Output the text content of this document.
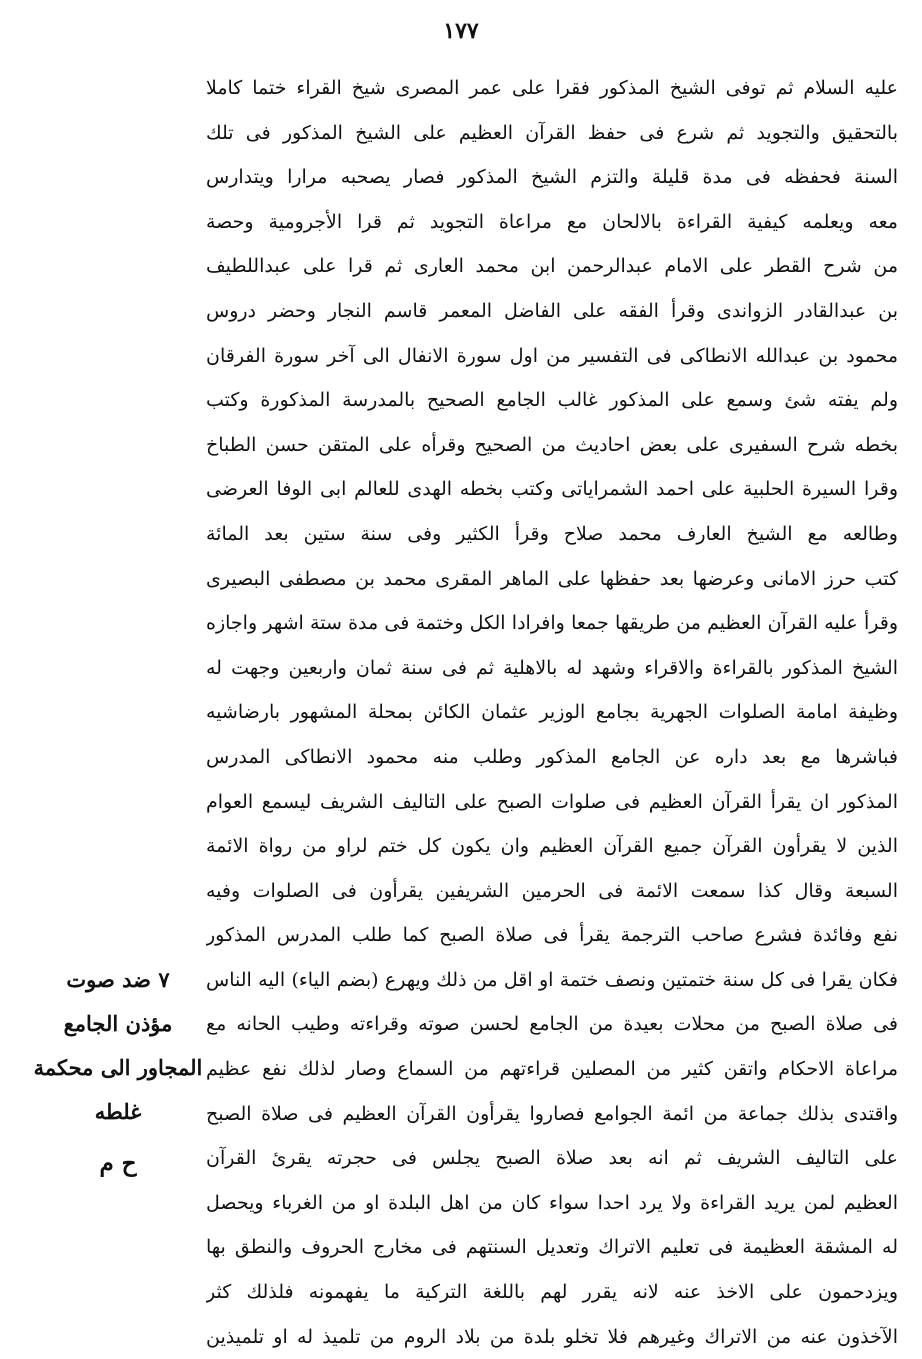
١٧٧
عليه السلام ثم توفى الشيخ المذكور فقرا على عمر المصرى شيخ القراء ختما كاملا
بالتحقيق والتجويد ثم شرع فى حفظ القرآن العظيم على الشيخ المذكور فى تلك
السنة فحفظه فى مدة قليلة والتزم الشيخ المذكور فصار يصحبه مرارا ويتدارس
معه ويعلمه كيفية القراءة بالالحان مع مراعاة التجويد ثم قرا الأجرومية وحصة
من شرح القطر على الامام عبدالرحمن ابن محمد العارى ثم قرا على عبداللطيف
بن عبدالقادر الزواندى وقرأ الفقه على الفاضل المعمر قاسم النجار وحضر دروس
محمود بن عبدالله الانطاكى فى التفسير من اول سورة الانفال الى آخر سورة الفرقان
ولم يفته شئ وسمع على المذكور غالب الجامع الصحيح بالمدرسة المذكورة وكتب
بخطه شرح السفيرى على بعض احاديث من الصحيح وقرأه على المتقن حسن الطباخ
وقرا السيرة الحلبية على احمد الشمراياتى وكتب بخطه الهدى للعالم ابى الوفا العرضى
وطالعه مع الشيخ العارف محمد صلاح وقرأ الكثير وفى سنة ستين بعد المائة
كتب حرز الامانى وعرضها بعد حفظها على الماهر المقرى محمد بن مصطفى البصيرى
وقرأ عليه القرآن العظيم من طريقها جمعا وافرادا الكل وختمة فى مدة ستة اشهر واجازه
الشيخ المذكور بالقراءة والاقراء وشهد له بالاهلية ثم فى سنة ثمان واربعين وجهت له
وظيفة امامة الصلوات الجهرية بجامع الوزير عثمان الكائن بمحلة المشهور بارضاشيه
فباشرها مع بعد داره عن الجامع المذكور وطلب منه محمود الانطاكى المدرس
المذكور ان يقرأ القرآن العظيم فى صلوات الصبح على التاليف الشريف ليسمع العوام
الذين لا يقرأون القرآن جميع القرآن العظيم وان يكون كل ختم لراو من رواة الائمة
السبعة وقال كذا سمعت الائمة فى الحرمين الشريفين يقرأون فى الصلوات وفيه
نفع وفائدة فشرع صاحب الترجمة يقرأ فى صلاة الصبح كما طلب المدرس المذكور
فكان يقرا فى كل سنة ختمتين ونصف ختمة او اقل من ذلك ويهرع (بضم الياء) اليه الناس
فى صلاة الصبح من محلات بعيدة من الجامع لحسن صوته وقراءته وطيب الحانه مع
مراعاة الاحكام واتقن كثير من المصلين قراءتهم من السماع وصار لذلك نفع عظيم
واقتدى بذلك جماعة من ائمة الجوامع فصاروا يقرأون القرآن العظيم فى صلاة الصبح
على التاليف الشريف ثم انه بعد صلاة الصبح يجلس فى حجرته يقرئ القرآن
العظيم لمن يريد القراءة ولا يرد احدا سواء كان من اهل البلدة او من الغرباء ويحصل
له المشقة العظيمة فى تعليم الاتراك وتعديل السنتهم فى مخارج الحروف والنطق بها
ويزدحمون على الاخذ عنه لانه يقرر لهم باللغة التركية ما يفهمونه فلذلك كثر
الآخذون عنه من الاتراك وغيرهم فلا تخلو بلدة من بلاد الروم من تلميذ له او تلميذين
٧ ضد صوت
مؤذن الجامع
المجاور الى محكمة
غلطه
ح م
